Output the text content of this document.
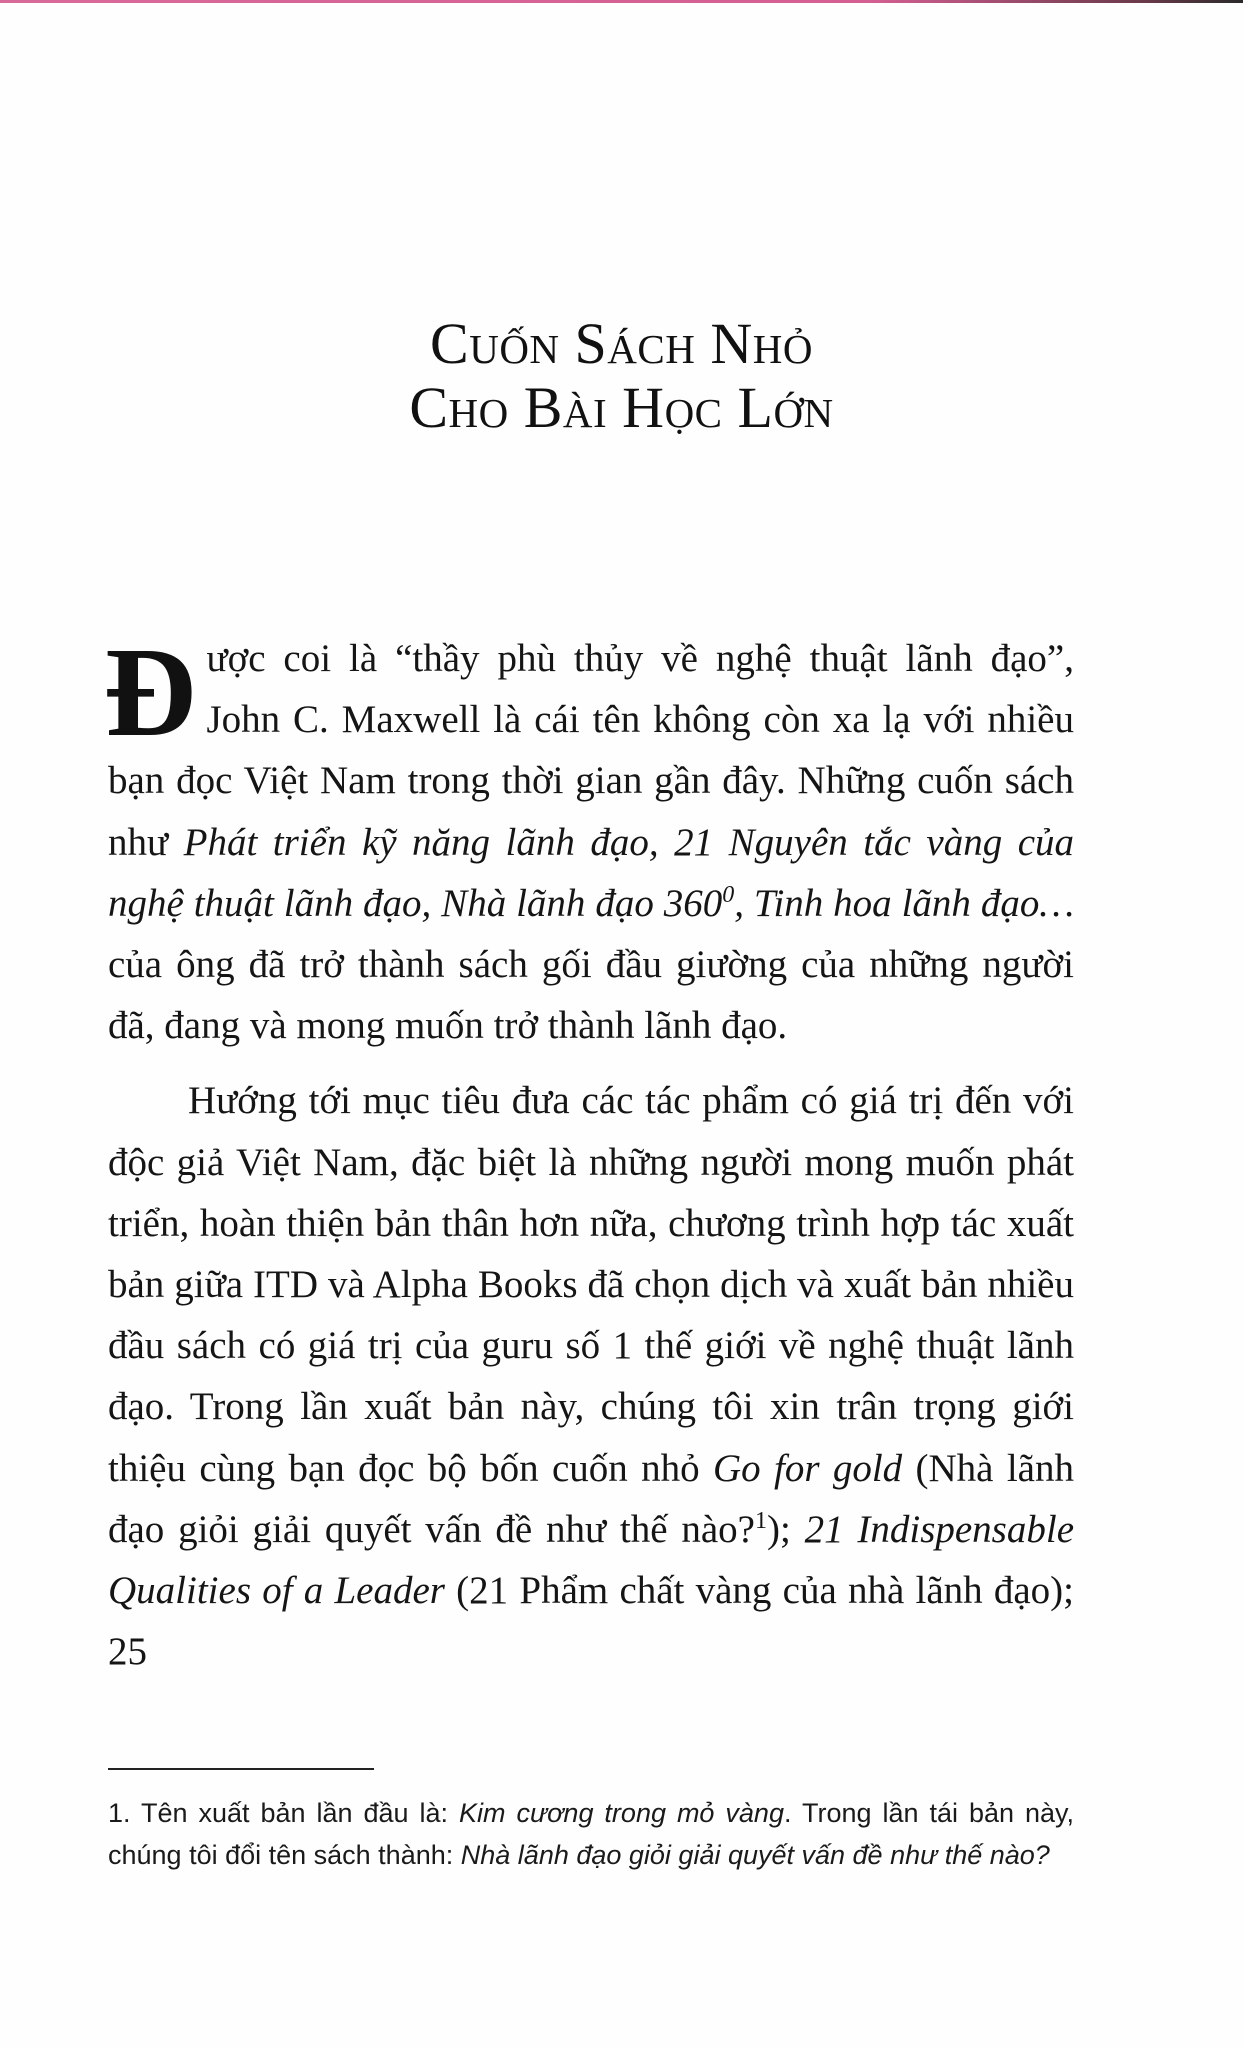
Cuốn Sách Nhỏ
Cho Bài Học Lớn

Được coi là “thầy phù thủy về nghệ thuật lãnh đạo”, John C. Maxwell là cái tên không còn xa lạ với nhiều bạn đọc Việt Nam trong thời gian gần đây. Những cuốn sách như Phát triển kỹ năng lãnh đạo, 21 Nguyên tắc vàng của nghệ thuật lãnh đạo, Nhà lãnh đạo $360^0$, Tinh hoa lãnh đạo… của ông đã trở thành sách gối đầu giường của những người đã, đang và mong muốn trở thành lãnh đạo.

Hướng tới mục tiêu đưa các tác phẩm có giá trị đến với độc giả Việt Nam, đặc biệt là những người mong muốn phát triển, hoàn thiện bản thân hơn nữa, chương trình hợp tác xuất bản giữa ITD và Alpha Books đã chọn dịch và xuất bản nhiều đầu sách có giá trị của guru số 1 thế giới về nghệ thuật lãnh đạo. Trong lần xuất bản này, chúng tôi xin trân trọng giới thiệu cùng bạn đọc bộ bốn cuốn nhỏ Go for gold (Nhà lãnh đạo giỏi giải quyết vấn đề như thế nào?$^1$); 21 Indispensable Qualities of a Leader (21 Phẩm chất vàng của nhà lãnh đạo); 25

1. Tên xuất bản lần đầu là: Kim cương trong mỏ vàng. Trong lần tái bản này, chúng tôi đổi tên sách thành: Nhà lãnh đạo giỏi giải quyết vấn đề như thế nào?
